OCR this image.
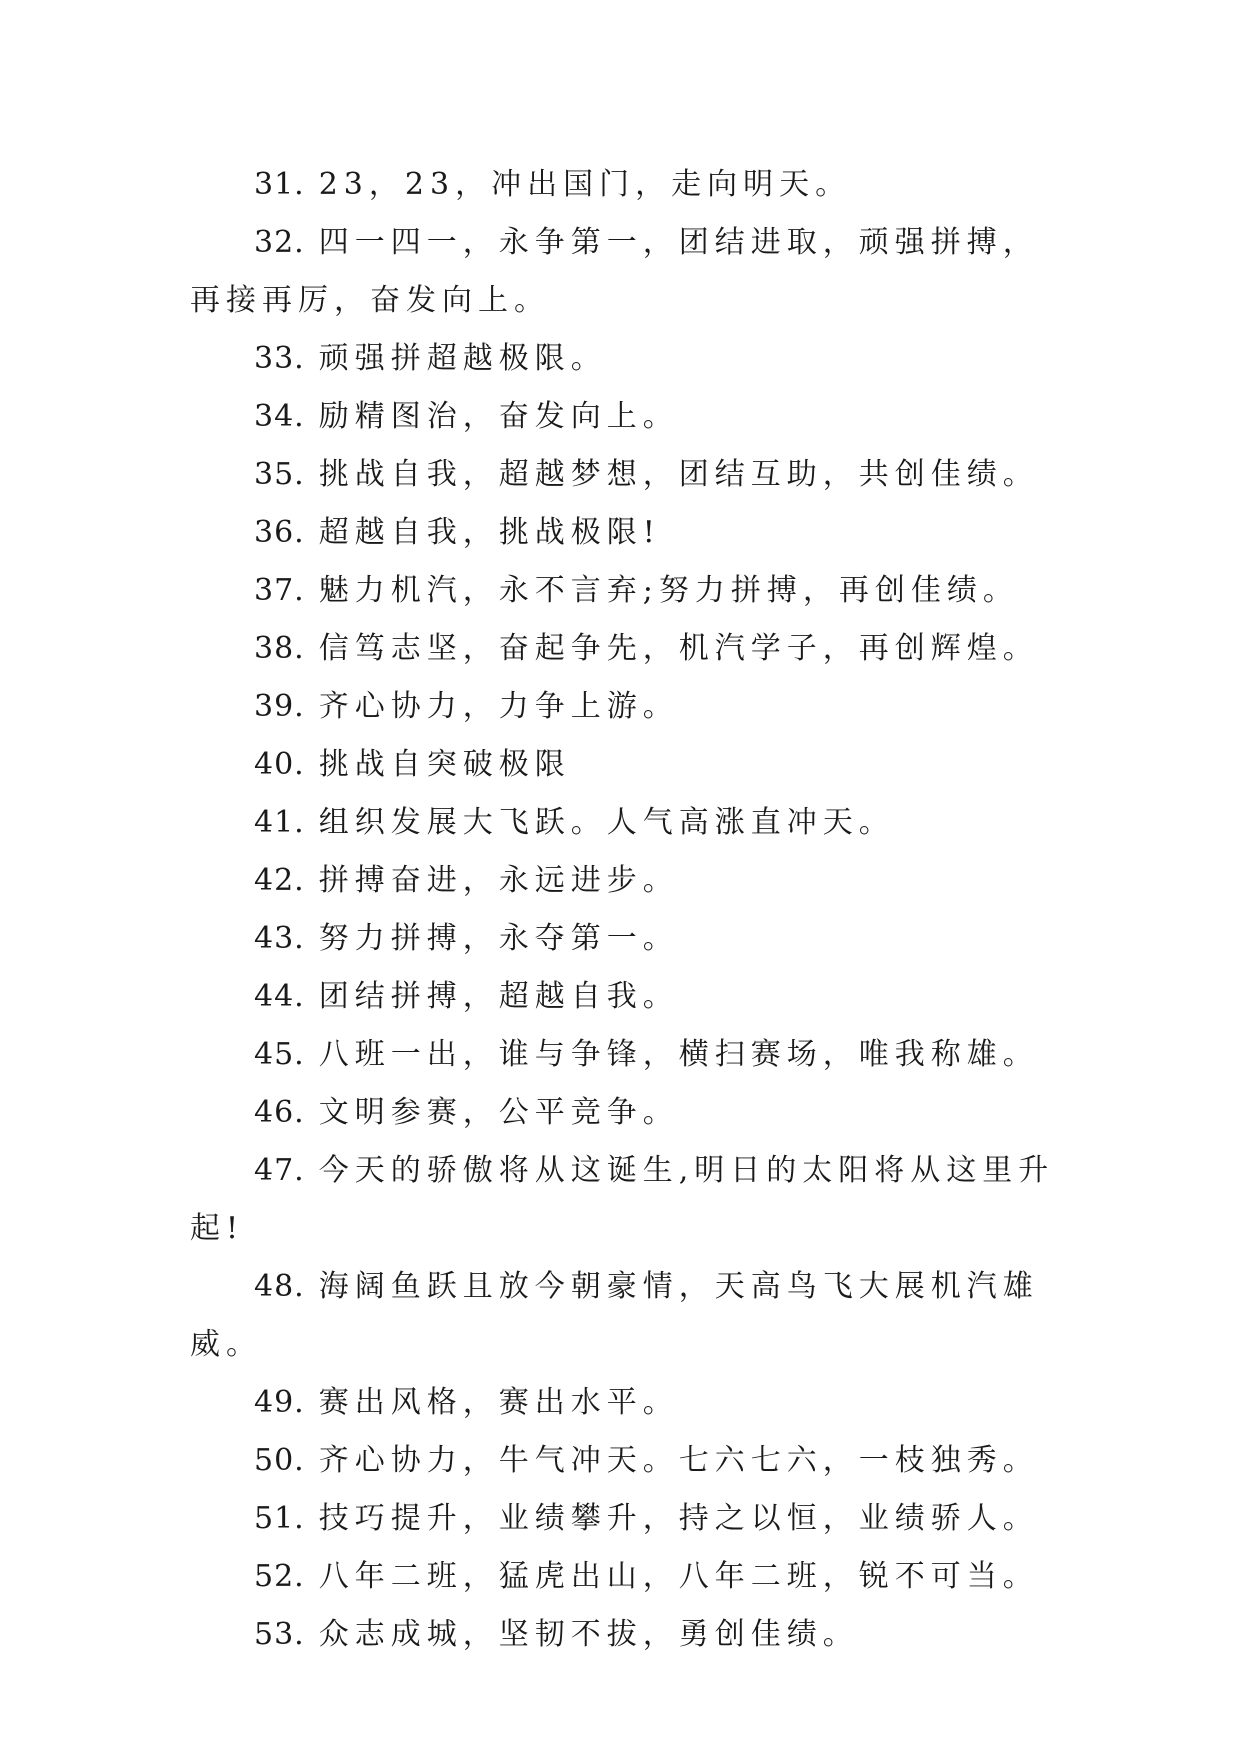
31. 23，23，冲出国门，走向明天。

32. 四一四一，永争第一，团结进取，顽强拼搏，再接再厉，奋发向上。

33. 顽强拼超越极限。

34. 励精图治，奋发向上。

35. 挑战自我，超越梦想，团结互助，共创佳绩。

36. 超越自我，挑战极限!

37. 魅力机汽，永不言弃;努力拼搏，再创佳绩。

38. 信笃志坚，奋起争先，机汽学子，再创辉煌。

39. 齐心协力，力争上游。

40. 挑战自突破极限

41. 组织发展大飞跃。人气高涨直冲天。

42. 拼搏奋进，永远进步。

43. 努力拼搏，永夺第一。

44. 团结拼搏，超越自我。

45. 八班一出，谁与争锋，横扫赛场，唯我称雄。

46. 文明参赛，公平竞争。

47. 今天的骄傲将从这诞生,明日的太阳将从这里升起!

48. 海阔鱼跃且放今朝豪情，天高鸟飞大展机汽雄威。

49. 赛出风格，赛出水平。

50. 齐心协力，牛气冲天。七六七六，一枝独秀。

51. 技巧提升，业绩攀升，持之以恒，业绩骄人。

52. 八年二班，猛虎出山，八年二班，锐不可当。

53. 众志成城，坚韧不拔，勇创佳绩。
